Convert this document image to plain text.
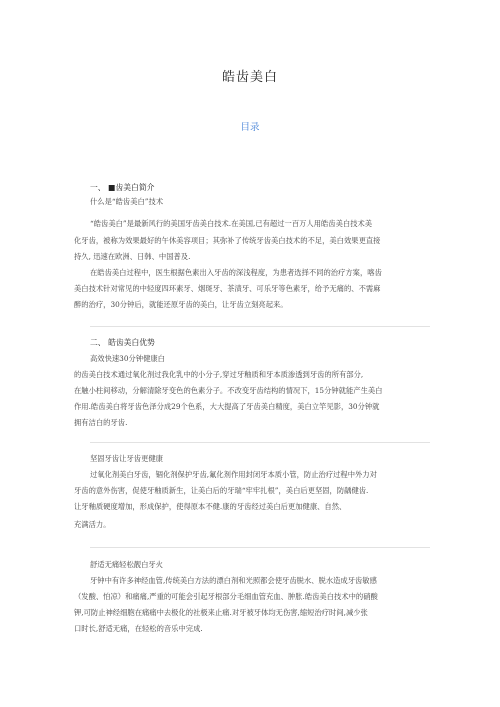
皓齿美白
目录
一、 ■齿美白简介
什么是“皓齿美白”技术
“皓齿美白”是最新风行的美国牙齿美白技术.在美国,已有超过一百万人用皓齿美白技术美
化牙齿，被称为效果最好的午休美容项目；其弥补了传统牙齿美白技术的不足，美白效果更直接
持久, 迅速在欧洲、日韩、中国普及.
在皓齿美白过程中，医生根据色素出入牙齿的深浅程度，为患者选择不同的治疗方案，喀齿
美白技术针对常见的中轻度四环素牙、烟斑牙、茶渍牙、可乐牙等色素牙，给予无痛的、不需麻
醉的治疗，30分钟后，就能还原牙齿的美白，让牙齿立刻亮起来。
二、 皓齿美白优势
高效快速30分钟健康白
的齿美白技术通过氧化剂过我化乳中的小分子,穿过牙釉质和牙本质渗透到牙齿的所有部分,
在触小柱间移动，分解清除牙变色的色素分子。不改变牙齿结构的情况下，15分钟就能产生美白
作用.皓齿美白将牙齿色泽分成29个色系，大大提高了牙齿美白精度，美白立竿见影，30分钟就
拥有洁白的牙齿.
坚固牙齿让牙齿更健康
过氧化剂美白牙齿，锢化剂保护牙齿,氟化剂作用封闭牙本质小管，防止治疗过程中外力对
牙齿的意外伤害，促使牙釉质新生，让美白后的牙瑞“牢牢扎根”，美白后更坚固，防龋健齿.
让牙釉质硬度增加，形成保护，使得原本不健.康的牙齿经过美白后更加健康、自然、
充满活力。
舒适无痛轻松靓白牙火
牙钟中有许多神经血管,传统美白方法的漂白剂和光照都会使牙齿脱水、脱水造成牙齿敏感
（发酸、怕凉）和痛痛,严重的可能会引起牙根部分毛细血管充血、肿胀.皓齿美白技术中的硝酸
钾,可防止神经细胞在痛痛中去极化的社极来止痛.对牙被牙体均无伤害,缩短治疗时间,减少张
口时长,舒适无痛，在轻松的音乐中完成.
